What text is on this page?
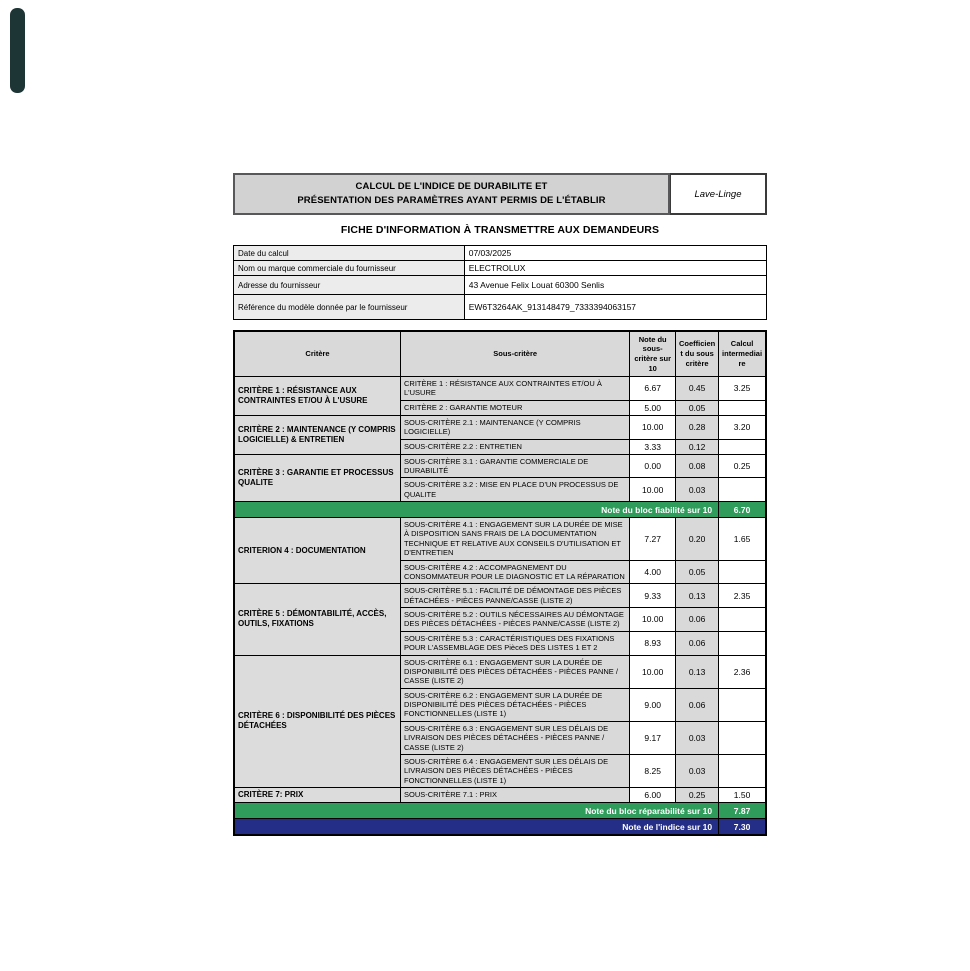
CALCUL DE L'INDICE DE DURABILITE ET
PRÉSENTATION DES PARAMÈTRES AYANT PERMIS DE L'ÉTABLIR
Lave-Linge
FICHE D'INFORMATION À TRANSMETTRE AUX DEMANDEURS
Date du calcul	07/03/2025
Nom ou marque commerciale du fournisseur	ELECTROLUX
Adresse du fournisseur	43 Avenue Felix Louat 60300 Senlis
Référence du modèle donnée par le fournisseur	EW6T3264AK_913148479_7333394063157
Critère	Sous-critère	Note du sous-critère sur 10	Coefficient du sous critère	Calcul intermediaire
CRITÈRE 1 : RÉSISTANCE AUX CONTRAINTES ET/OU À L'USURE	CRITÈRE 1 : RÉSISTANCE AUX CONTRAINTES ET/OU À L'USURE	6.67	0.45	3.25
	CRITÈRE 2 : GARANTIE MOTEUR	5.00	0.05	
CRITÈRE 2 : MAINTENANCE (Y COMPRIS LOGICIELLE) & ENTRETIEN	SOUS-CRITÈRE 2.1 : MAINTENANCE (Y COMPRIS LOGICIELLE)	10.00	0.28	3.20
	SOUS-CRITÈRE 2.2 : ENTRETIEN	3.33	0.12	
CRITÈRE 3 : GARANTIE ET PROCESSUS QUALITE	SOUS-CRITÈRE 3.1 : GARANTIE COMMERCIALE DE DURABILITÉ	0.00	0.08	0.25
	SOUS-CRITÈRE 3.2 : MISE EN PLACE D'UN PROCESSUS DE QUALITE	10.00	0.03	
Note du bloc fiabilité sur 10				6.70
CRITERION 4 : DOCUMENTATION	SOUS-CRITÈRE 4.1 : ENGAGEMENT SUR LA DURÉE DE MISE À DISPOSITION SANS FRAIS DE LA DOCUMENTATION TECHNIQUE ET RELATIVE AUX CONSEILS D'UTILISATION ET D'ENTRETIEN	7.27	0.20	1.65
	SOUS-CRITÈRE 4.2 : ACCOMPAGNEMENT DU CONSOMMATEUR POUR LE DIAGNOSTIC ET LA RÉPARATION	4.00	0.05	
CRITÈRE 5 : DÉMONTABILITÉ, ACCÈS, OUTILS, FIXATIONS	SOUS-CRITÈRE 5.1 : FACILITÉ DE DÉMONTAGE DES PIÈCES DÉTACHÉES - PIÈCES PANNE/CASSE (LISTE 2)	9.33	0.13	2.35
	SOUS-CRITÈRE 5.2 : OUTILS NÉCESSAIRES AU DÉMONTAGE DES PIÈCES DÉTACHÉES - PIÈCES PANNE/CASSE (LISTE 2)	10.00	0.06	
	SOUS-CRITÈRE 5.3 : CARACTÉRISTIQUES DES FIXATIONS POUR L'ASSEMBLAGE DES PièceS DES LISTES 1 ET 2	8.93	0.06	
CRITÈRE 6 : DISPONIBILITÉ DES PIÈCES DÉTACHÉES	SOUS-CRITÈRE 6.1 : ENGAGEMENT SUR LA DURÉE DE DISPONIBILITÉ DES PIÈCES DÉTACHÉES - PIÈCES PANNE / CASSE (LISTE 2)	10.00	0.13	2.36
	SOUS-CRITÈRE 6.2 : ENGAGEMENT SUR LA DURÉE DE DISPONIBILITÉ DES PIÈCES DÉTACHÉES - PIÈCES FONCTIONNELLES (LISTE 1)	9.00	0.06	
	SOUS-CRITÈRE 6.3 : ENGAGEMENT SUR LES DÉLAIS DE LIVRAISON DES PIÈCES DÉTACHÉES - PIÈCES PANNE / CASSE (LISTE 2)	9.17	0.03	
	SOUS-CRITÈRE 6.4 : ENGAGEMENT SUR LES DÉLAIS DE LIVRAISON DES PIÈCES DÉTACHÉES - PIÈCES FONCTIONNELLES (LISTE 1)	8.25	0.03	
CRITÈRE 7: PRIX	SOUS-CRITÈRE 7.1 : PRIX	6.00	0.25	1.50
Note du bloc réparabilité sur 10				7.87
Note de l'indice sur 10				7.30
